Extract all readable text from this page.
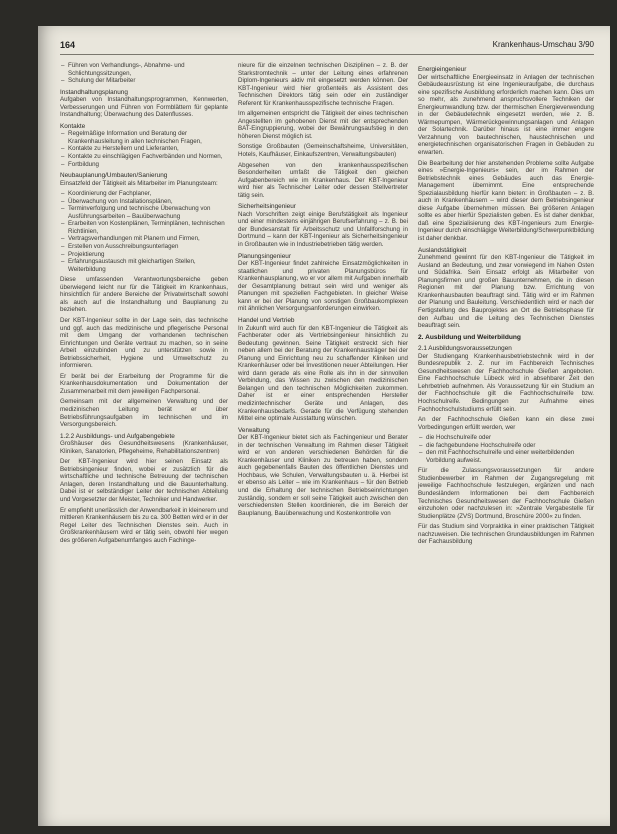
164	Krankenhaus-Umschau 3/90
– Führen von Verhandlungs-, Abnahme- und Schlichtungssitzungen,
– Schulung der Mitarbeiter
Instandhaltungsplanung

Aufgaben von Instandhaltungsprogrammen, Kennwerten, Verbesserungen und Führen von Formblättern für geplante Instandhaltung; Überwachung des Datenflusses.

Kontakte
– Regelmäßige Information und Beratung der Krankenhausleitung in allen technischen Fragen,
– Kontakte zu Herstellern und Lieferanten,
– Kontakte zu einschlägigen Fachverbänden und Normen,
– Fortbildung
Neubauplanung/Umbauten/Sanierung

Einsatzfeld der Tätigkeit als Mitarbeiter im Planungsteam:

– Koordinierung der Fachplaner,
– Überwachung von Installationsplänen,
– Terminverfolgung und technische Überwachung von Ausführungsarbeiten – Bauüberwachung
– Erarbeiten von Kostenplänen, Terminplänen, technischen Richtlinien,
– Vertragsverhandlungen mit Planern und Firmen,
– Erstellen von Ausschreibungsunterlagen
– Projektierung
– Erfahrungsaustausch mit gleichartigen Stellen, Weiterbildung

Diese umfassenden Verantwortungsbereiche geben überwiegend leicht nur für die Tätigkeit im Krankenhaus, hinsichtlich für andere Bereiche der Privatwirtschaft sowohl als auch auf die Instandhaltung und Bauplanung zu beziehen.

Der KBT-Ingenieur sollte in der Lage sein, das technische und ggf. auch das medizinische und pflegerische Personal mit dem Umgang der vorhandenen technischen Einrichtungen und Geräte vertraut zu machen, so in seine Arbeit einzubinden und zu unterstützen sowie in Betriebssicherheit, Hygiene und Umweltschutz zu informieren.

Er berät bei der Erarbeitung der Programme für die Krankenhausdokumentation und Dokumentation der Zusammenarbeit mit dem jeweiligen Fachpersonal.

Gemeinsam mit der allgemeinen Verwaltung und der medizinischen Leitung berät er über Betriebsführungsaufgaben im technischen und im Versorgungsbereich.

1.2.2 Ausbildungs- und Aufgabengebiete

Großhäuser des Gesundheitswesens (Krankenhäuser, Kliniken, Sanatorien, Pflegeheime, Rehabilitationszentren)

Der KBT-Ingenieur wird hier seinen Einsatz als Betriebsingenieur finden, wobei er zusätzlich für die wirtschaftliche und technische Betreuung der technischen Anlagen, deren Instandhaltung und die Bauunterhaltung. Dabei ist er selbständiger Leiter der technischen Abteilung und Vorgesetzter der Meister, Techniker und Handwerker.

Er empfiehlt unerlässlich der Anwendbarkeit in kleinerem und mittleren Krankenhäusern bis zu ca. 300 Betten wird er in der Regel Leiter des Technischen Dienstes sein. Auch in Großkrankenhäusern wird er tätig sein, obwohl hier wegen des größeren Aufgabenumfanges auch Fachinge-

nieure für die einzelnen technischen Disziplinen – z. B. der Starkstromtechnik – unter der Leitung eines erfahrenen Diplom-Ingenieurs aktiv mit eingesetzt werden können. Der KBT-Ingenieur wird hier großenteils als Assistent des Technischen Direktors tätig sein oder ein zuständiger Referent für Krankenhausspezifische technische Fragen.

Im allgemeinen entspricht die Tätigkeit der eines technischen Angestellten im gehobenen Dienst mit der entsprechenden BAT-Eingruppierung, wobei der Bewährungsaufstieg in den höheren Dienst möglich ist.

Sonstige Großbauten (Gemeinschaftsheime, Universitäten, Hotels, Kaufhäuser, Einkaufszentren, Verwaltungsbauten)

Abgesehen von den krankenhausspezifischen Besonderheiten umfaßt die Tätigkeit den gleichen Aufgabenbereich wie im Krankenhaus. Der KBT-Ingenieur wird hier als Technischer Leiter oder dessen Stellvertreter tätig sein.

Sicherheitsingenieur

Nach Vorschriften zeigt einige Berufstätigkeit als Ingenieur und einer mindestens einjährigen Berufserfahrung – z. B. bei der Bundesanstalt für Arbeitsschutz und Unfallforschung in Dortmund – kann der KBT-Ingenieur als Sicherheitsingenieur in Großbauten wie in Industriebetrieben tätig werden.

Planungsingenieur

Der KBT-Ingenieur findet zahlreiche Einsatzmöglichkeiten in staatlichen und privaten Planungsbüros für Krankenhausplanung, wo er vor allem mit Aufgaben innerhalb der Gesamtplanung betraut sein wird und weniger als Planungen mit speziellen Fachgebieten. In gleicher Weise kann er bei der Planung von sonstigen Großbaukomplexen mit ähnlichen Versorgungsanforderungen einwirken.

Handel und Vertrieb

In Zukunft wird auch für den KBT-Ingenieur die Tätigkeit als Fachberater oder als Vertriebsingenieur hinsichtlich zu Bedeutung gewinnen. Seine Tätigkeit erstreckt sich hier neben allem bei der Beratung der Krankenhausträger bei der Planung und Einrichtung neu zu schaffender Kliniken und Krankenhäuser oder bei Investitionen neuer Abteilungen. Hier wird dann gerade als eine Rolle als ihn in der sinnvollen Verbindung, das Wissen zu zwischen den medizinischen Belangen und den technischen Möglichkeiten zukommen. Daher ist er einer entsprechenden Hersteller medizintechnischer Geräte und Anlagen, des Krankenhausbedarfs. Gerade für die Verfügung stehenden Mittel eine optimale Ausstattung wünschen.

Verwaltung

Der KBT-Ingenieur bietet sich als Fachingenieur und Berater in der technischen Verwaltung im Rahmen dieser Tätigkeit wird er von anderen verschiedenen Behörden für die Krankenhäuser und Kliniken zu betreuen haben, sondern auch gegebenenfalls Bauten des öffentlichen Dienstes und Hochbaus, wie Schulen, Verwaltungsbauten u. ä. Hierbei ist er ebenso als Leiter – wie im Krankenhaus – für den Betrieb und die Erhaltung der technischen Betriebseinrichtungen zuständig, sondern er soll seine Tätigkeit auch zwischen den verschiedensten Stellen koordinieren, die im Bereich der Bauplanung, Bauüberwachung und Kostenkontrolle von

Energieingenieur

Der wirtschaftliche Energieeinsatz in Anlagen der technischen Gebäudeausrüstung ist eine Ingenieuraufgabe, die durchaus eine spezifische Ausbildung erforderlich machen kann. Dies um so mehr, als zunehmend anspruchsvollere Techniken der Energieumwandlung bzw. der thermischen Energieverwendung in der Gebäudetechnik eingesetzt werden, wie z. B. Wärmepumpen, Wärmerückgewinnungsanlagen und Anlagen der Solartechnik. Darüber hinaus ist eine immer engere Verzahnung von bautechnischen, haustechnischen und energietechnischen organisatorischen Fragen in Gebäuden zu erwarten.

Die Bearbeitung der hier anstehenden Probleme sollte Aufgabe eines »Energie-Ingenieurs« sein, der im Rahmen der Betriebstechnik eines Gebäudes auch das Energie-Management übernimmt. Eine entsprechende Spezialausbildung hierfür kann bieten: in Großbauten – z. B. auch in Krankenhäusern – wird dieser dem Betriebsingenieur diese Aufgabe übernehmen müssen. Bei größeren Anlagen sollte es aber hierfür Spezialisten geben. Es ist daher denkbar, daß eine Spezialisierung des KBT-Ingenieurs zum Energie-Ingenieur durch einschlägige Weiterbildung/Schwerpunktbildung ist daher denkbar.

Auslandstätigkeit

Zunehmend gewinnt für den KBT-Ingenieur die Tätigkeit im Ausland an Bedeutung, und zwar vorwiegend im Nahen Osten und Südafrika. Sein Einsatz erfolgt als Mitarbeiter von Planungsfirmen und großen Bauunternehmen, die in diesen Regionen mit der Planung bzw. Errichtung von Krankenhausbauten beauftragt sind. Tätig wird er im Rahmen der Planung und Bauleitung. Verschiedentlich wird er nach der Fertigstellung des Bauprojektes an Ort die Betriebsphase für den Aufbau und die Leitung des Technischen Dienstes beauftragt sein.

2. Ausbildung und Weiterbildung
2.1 Ausbildungsvoraussetzungen

Der Studiengang Krankenhausbetriebstechnik wird in der Bundesrepublik z. Z. nur im Fachbereich Technisches Gesundheitswesen der Fachhochschule Gießen angeboten. Eine Fachhochschule Lübeck wird in absehbarer Zeit den Lehrbetrieb aufnehmen. Als Voraussetzung für ein Studium an der Fachhochschule gilt die Fachhochschulreife bzw. Hochschulreife. Bedingungen zur Aufnahme eines Fachhochschulstudiums erfüllt sein.

An der Fachhochschule Gießen kann ein diese zwei Vorbedingungen erfüllt werden, wer

– die Hochschulreife oder
– die fachgebundene Hochschulreife oder
– den mit Fachhochschulreife und einer weiterbildenden Vorbildung aufweist.

Für die Zulassungsvoraussetzungen für andere Studienbewerber im Rahmen der Zugangsregelung mit jeweilige Fachhochschule festzulegen, ergänzen und nach Bundesländern Informationen bei dem Fachbereich Technisches Gesundheitswesen der Fachhochschule Gießen einzuholen oder nachzulesen in: »Zentrale Vergabestelle für Studienplätze (ZVS) Dortmund, Broschüre 2000« zu finden.

Für das Studium sind Vorpraktika in einer praktischen Tätigkeit nachzuweisen. Die technischen Grundausbildungen im Rahmen der Fachausbildung
